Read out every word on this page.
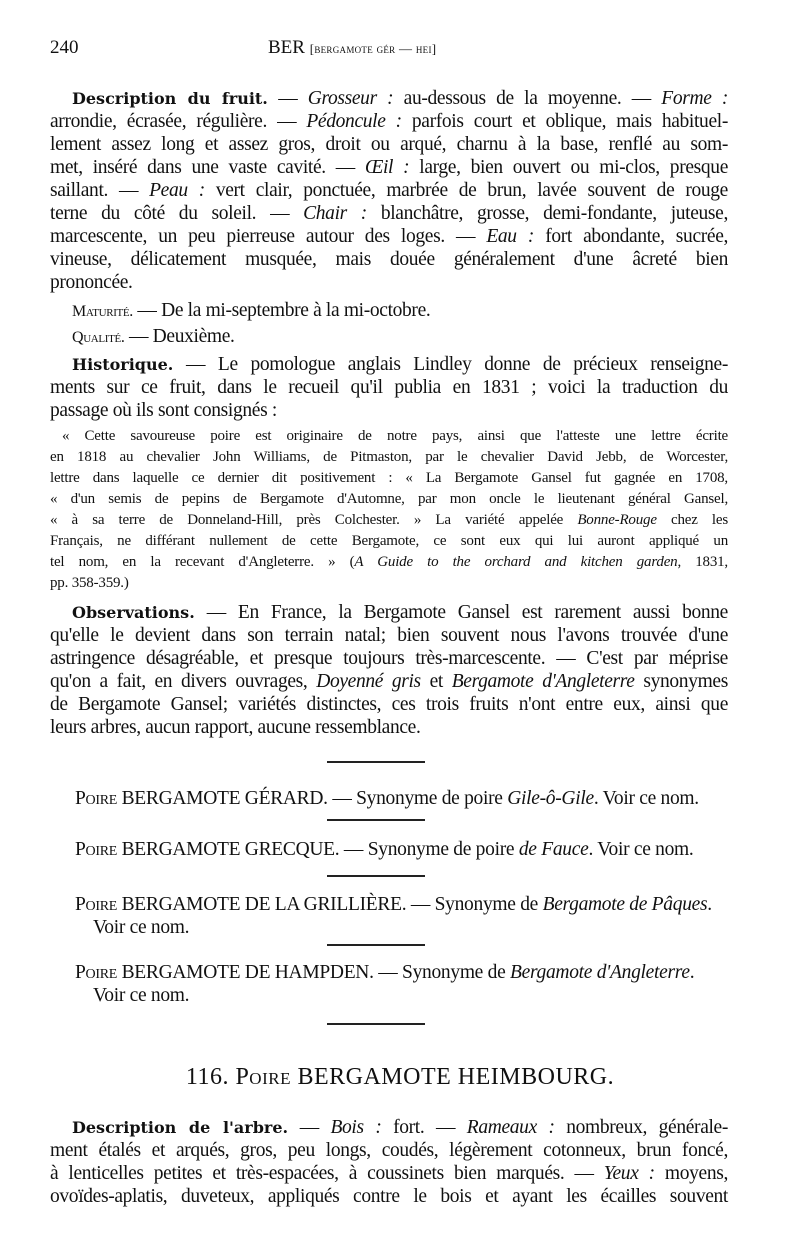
240	BER [bergamote gér — hei]
Description du fruit. — Grosseur : au-dessous de la moyenne. — Forme :
arrondie, écrasée, régulière. — Pédoncule : parfois court et oblique, mais habituel-
lement assez long et assez gros, droit ou arqué, charnu à la base, renflé au som-
met, inséré dans une vaste cavité. — Œil : large, bien ouvert ou mi-clos, presque
saillant. — Peau : vert clair, ponctuée, marbrée de brun, lavée souvent de rouge
terne du côté du soleil. — Chair : blanchâtre, grosse, demi-fondante, juteuse,
marcescente, un peu pierreuse autour des loges. — Eau : fort abondante, sucrée,
vineuse, délicatement musquée, mais douée généralement d'une âcreté bien
prononcée.
Maturité. — De la mi-septembre à la mi-octobre.
Qualité. — Deuxième.
Historique. — Le pomologue anglais Lindley donne de précieux renseigne-
ments sur ce fruit, dans le recueil qu'il publia en 1831 ; voici la traduction du
passage où ils sont consignés :
« Cette savoureuse poire est originaire de notre pays, ainsi que l'atteste une lettre écrite
en 1818 au chevalier John Williams, de Pitmaston, par le chevalier David Jebb, de Worcester,
lettre dans laquelle ce dernier dit positivement : « La Bergamote Gansel fut gagnée en 1708,
« d'un semis de pepins de Bergamote d'Automne, par mon oncle le lieutenant général Gansel,
« à sa terre de Donneland-Hill, près Colchester. » La variété appelée Bonne-Rouge chez les
Français, ne différant nullement de cette Bergamote, ce sont eux qui lui auront appliqué un
tel nom, en la recevant d'Angleterre. » (A Guide to the orchard and kitchen garden, 1831,
pp. 358-359.)
Observations. — En France, la Bergamote Gansel est rarement aussi bonne
qu'elle le devient dans son terrain natal; bien souvent nous l'avons trouvée d'une
astringence désagréable, et presque toujours très-marcescente. — C'est par méprise
qu'on a fait, en divers ouvrages, Doyenné gris et Bergamote d'Angleterre synonymes
de Bergamote Gansel; variétés distinctes, ces trois fruits n'ont entre eux, ainsi que
leurs arbres, aucun rapport, aucune ressemblance.
Poire BERGAMOTE GÉRARD. — Synonyme de poire Gile-ô-Gile. Voir ce nom.
Poire BERGAMOTE GRECQUE. — Synonyme de poire de Fauce. Voir ce nom.
Poire BERGAMOTE DE LA GRILLIÈRE. — Synonyme de Bergamote de Pâques.
Voir ce nom.
Poire BERGAMOTE DE HAMPDEN. — Synonyme de Bergamote d'Angleterre.
Voir ce nom.
116. Poire BERGAMOTE HEIMBOURG.
Description de l'arbre. — Bois : fort. — Rameaux : nombreux, générale-
ment étalés et arqués, gros, peu longs, coudés, légèrement cotonneux, brun foncé,
à lenticelles petites et très-espacées, à coussinets bien marqués. — Yeux : moyens,
ovoïdes-aplatis, duveteux, appliqués contre le bois et ayant les écailles souvent
